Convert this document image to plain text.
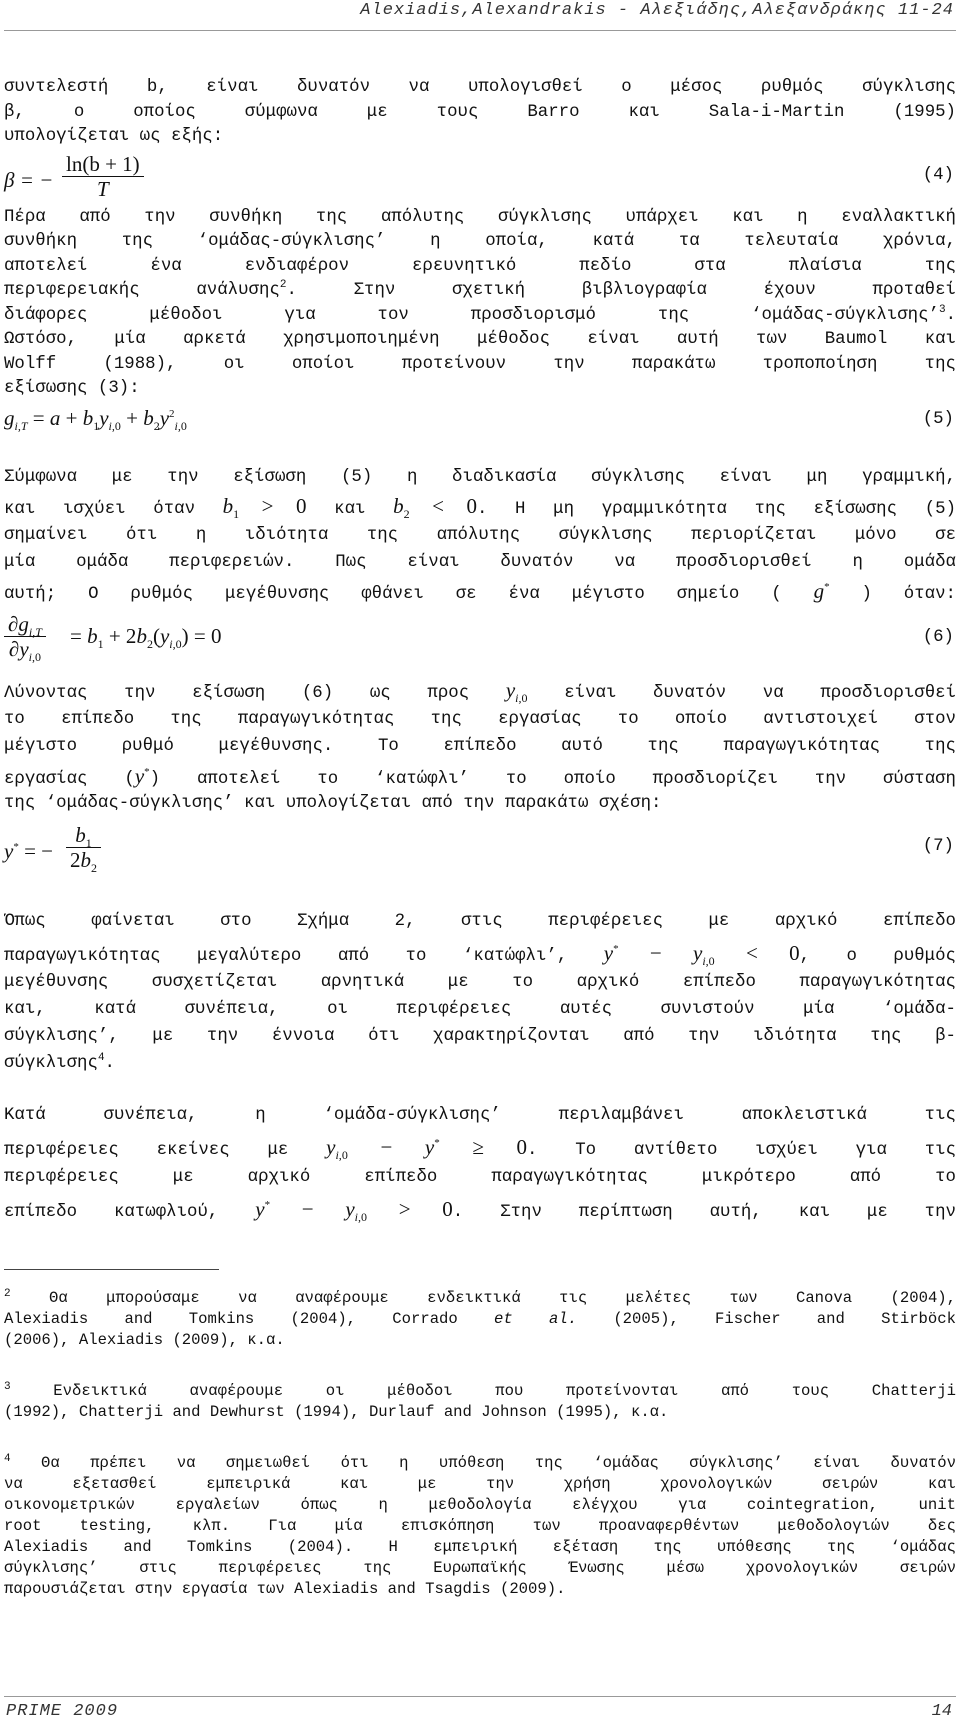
Alexiadis,Alexandrakis - Αλεξιάδης,Αλεξανδράκης 11-24
συντελεστή b, είναι δυνατόν να υπολογισθεί ο μέσος ρυθμός σύγκλισης
β, ο οποίος σύμφωνα με τους Barro και Sala-i-Martin (1995)
υπολογίζεται ως εξής:
β = − $\frac{\ln(b + 1)}{T}$	(4)
Πέρα από την συνθήκη της απόλυτης σύγκλισης υπάρχει και η εναλλακτική
συνθήκη της ‘ομάδας-σύγκλισης’ η οποία, κατά τα τελευταία χρόνια,
αποτελεί ένα ενδιαφέρον ερευνητικό πεδίο στα πλαίσια της
περιφερειακής ανάλυσης$^2$. Στην σχετική βιβλιογραφία έχουν προταθεί
διάφορες μέθοδοι για τον προσδιορισμό της ‘ομάδας-σύγκλισης’$^3$.
Ωστόσο, μία αρκετά χρησιμοποιημένη μέθοδος είναι αυτή των Baumol και
Wolff (1988), οι οποίοι προτείνουν την παρακάτω τροποποίηση της
εξίσωσης (3):
$g_{i,T} = a + b_1y_{i,0} + b_2y^2_{i,0}$	(5)
Σύμφωνα με την εξίσωση (5) η διαδικασία σύγκλισης είναι μη γραμμική,
και ισχύει όταν $b_1 > 0$ και $b_2 < 0$. Η μη γραμμικότητα της εξίσωσης (5)
σημαίνει ότι η ιδιότητα της απόλυτης σύγκλισης περιορίζεται μόνο σε
μία ομάδα περιφερειών. Πως είναι δυνατόν να προσδιορισθεί η ομάδα
αυτή; Ο ρυθμός μεγέθυνσης φθάνει σε ένα μέγιστο σημείο ( g* ) όταν:
$\frac{\partial g_{i,T}}{\partial y_{i,0}} = b_1 + 2b_2(y_{i,0}) = 0$	(6)
Λύνοντας την εξίσωση (6) ως προς $y_{i,0}$ είναι δυνατόν να προσδιορισθεί
το επίπεδο της παραγωγικότητας της εργασίας το οποίο αντιστοιχεί στον
μέγιστο ρυθμό μεγέθυνσης. Το επίπεδο αυτό της παραγωγικότητας της
εργασίας (y*) αποτελεί το ‘κατώφλι’ το οποίο προσδιορίζει την σύσταση
της ‘ομάδας-σύγκλισης’ και υπολογίζεται από την παρακάτω σχέση:
y* = − $\frac{b_1}{2b_2}$	(7)
Όπως φαίνεται στο Σχήμα 2, στις περιφέρειες με αρχικό επίπεδο
παραγωγικότητας μεγαλύτερο από το ‘κατώφλι’, $y^* - y_{i,0} < 0$, ο ρυθμός
μεγέθυνσης συσχετίζεται αρνητικά με το αρχικό επίπεδο παραγωγικότητας
και, κατά συνέπεια, οι περιφέρειες αυτές συνιστούν μία ‘ομάδα-
σύγκλισης’, με την έννοια ότι χαρακτηρίζονται από την ιδιότητα της β-
σύγκλισης$^4$.
Κατά συνέπεια, η ‘ομάδα-σύγκλισης’ περιλαμβάνει αποκλειστικά τις
περιφέρειες εκείνες με $y_{i,0} - y^* \ge 0$. Το αντίθετο ισχύει για τις
περιφέρειες με αρχικό επίπεδο παραγωγικότητας μικρότερο από το
επίπεδο κατωφλιού, $y^* - y_{i,0} > 0$. Στην περίπτωση αυτή, και με την
$^2$ Θα μπορούσαμε να αναφέρουμε ενδεικτικά τις μελέτες των Canova (2004),
Alexiadis and Tomkins (2004), Corrado et al. (2005), Fischer and Stirböck
(2006), Alexiadis (2009), κ.α.
$^3$	Ενδεικτικά αναφέρουμε οι μέθοδοι που προτείνονται από τους Chatterji
(1992), Chatterji and Dewhurst (1994), Durlauf and Johnson (1995), κ.α.
$^4$ Θα πρέπει να σημειωθεί ότι η υπόθεση της ‘ομάδας σύγκλισης’ είναι δυνατόν
να εξετασθεί εμπειρικά και με την χρήση χρονολογικών σειρών και
οικονομετρικών εργαλείων όπως η μεθοδολογία ελέγχου για cointegration, unit
root testing, κλπ. Για μία επισκόπηση των προαναφερθέντων μεθοδολογιών δες
Alexiadis and Tomkins (2004). Η εμπειρική εξέταση της υπόθεσης της ‘ομάδας
σύγκλισης’ στις περιφέρειες της Ευρωπαϊκής Ένωσης μέσω χρονολογικών σειρών
παρουσιάζεται στην εργασία των Alexiadis and Tsagdis (2009).
PRIME 2009	14
